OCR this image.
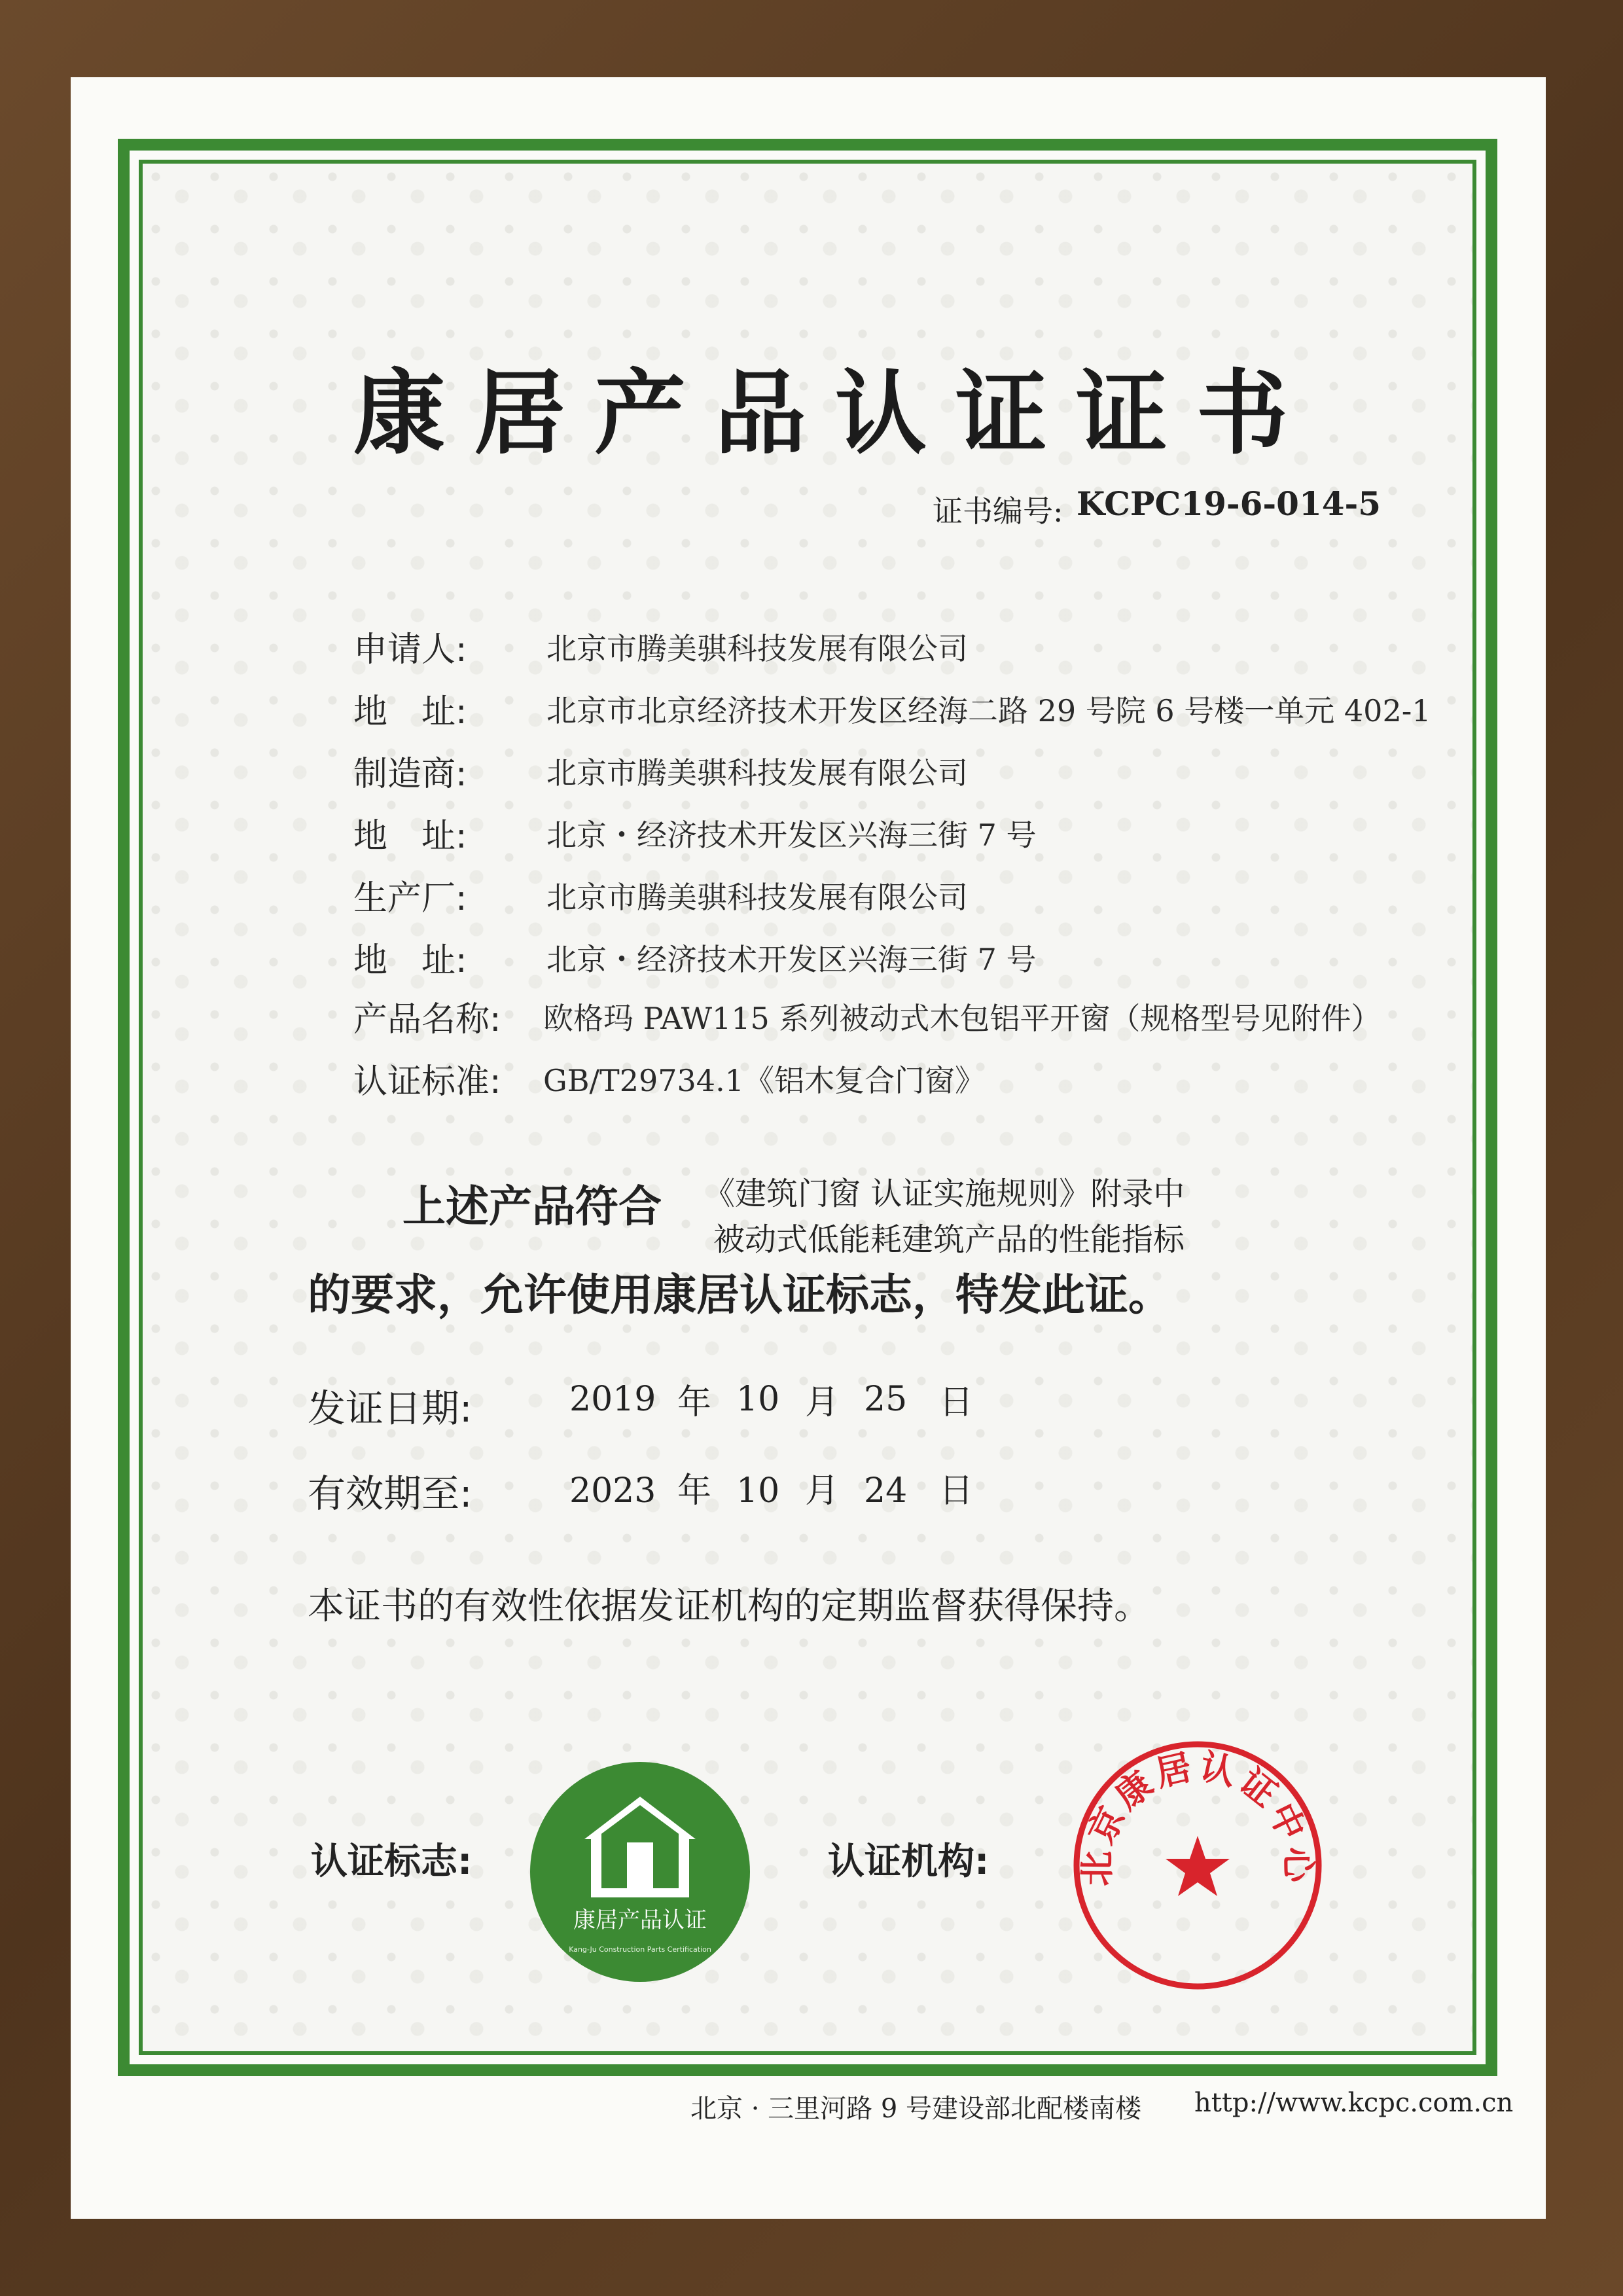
康居产品认证证书
证书编号: KCPC19-6-014-5
申请人:	北京市腾美骐科技发展有限公司
地　址:	北京市北京经济技术开发区经海二路 29 号院 6 号楼一单元 402-1
制造商:	北京市腾美骐科技发展有限公司
地　址:	北京・经济技术开发区兴海三街 7 号
生产厂:	北京市腾美骐科技发展有限公司
地　址:	北京・经济技术开发区兴海三街 7 号
产品名称: 欧格玛 PAW115 系列被动式木包铝平开窗（规格型号见附件）
认证标准: GB/T29734.1《铝木复合门窗》
上述产品符合 《建筑门窗 认证实施规则》附录中
被动式低能耗建筑产品的性能指标
的要求，允许使用康居认证标志，特发此证。
发证日期:	2019 年 10 月 25 日
有效期至:	2023 年 10 月 24 日
本证书的有效性依据发证机构的定期监督获得保持。
认证标志:	认证机构:
康居产品认证
Kang-Ju Construction Parts Certification
北京康居认证中心
北京 · 三里河路 9 号建设部北配楼南楼 http://www.kcpc.com.cn
